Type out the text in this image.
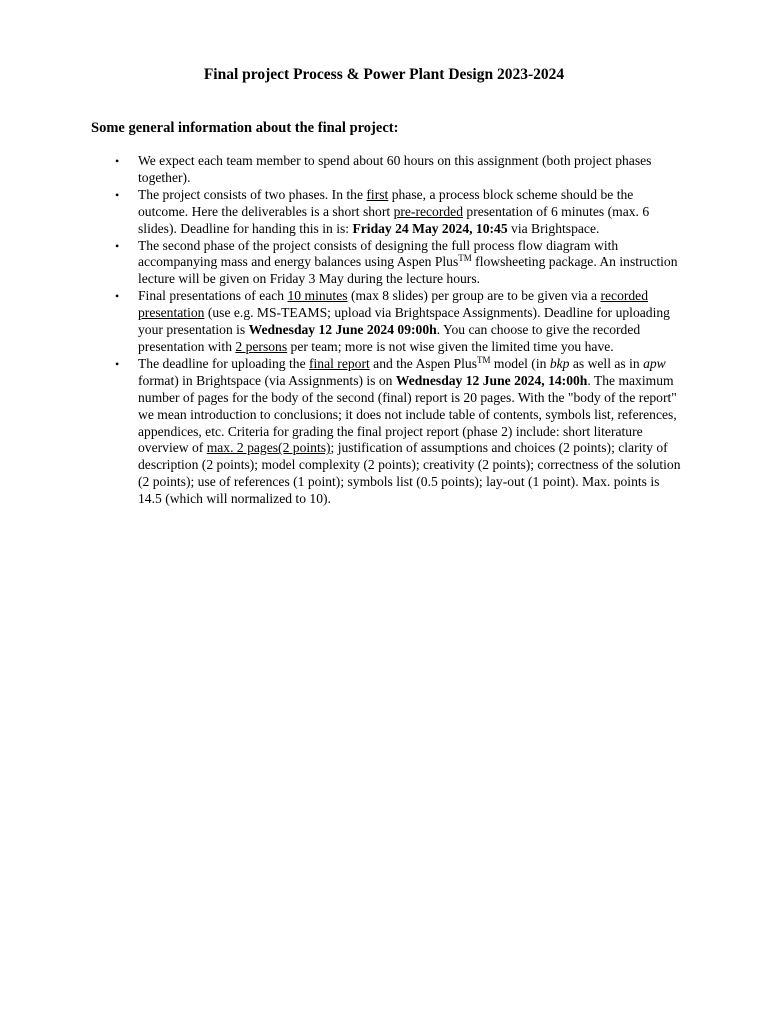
Final project Process & Power Plant Design 2023-2024
Some general information about the final project:
• We expect each team member to spend about 60 hours on this assignment (both project phases together).
• The project consists of two phases. In the first phase, a process block scheme should be the outcome. Here the deliverables is a short short pre-recorded presentation of 6 minutes (max. 6 slides). Deadline for handing this in is: Friday 24 May 2024, 10:45 via Brightspace.
• The second phase of the project consists of designing the full process flow diagram with accompanying mass and energy balances using Aspen Plus™ flowsheeting package. An instruction lecture will be given on Friday 3 May during the lecture hours.
• Final presentations of each 10 minutes (max 8 slides) per group are to be given via a recorded presentation (use e.g. MS-TEAMS; upload via Brightspace Assignments). Deadline for uploading your presentation is Wednesday 12 June 2024 09:00h. You can choose to give the recorded presentation with 2 persons per team; more is not wise given the limited time you have.
• The deadline for uploading the final report and the Aspen Plus™ model (in bkp as well as in apw format) in Brightspace (via Assignments) is on Wednesday 12 June 2024, 14:00h. The maximum number of pages for the body of the second (final) report is 20 pages. With the "body of the report" we mean introduction to conclusions; it does not include table of contents, symbols list, references, appendices, etc. Criteria for grading the final project report (phase 2) include: short literature overview of max. 2 pages(2 points); justification of assumptions and choices (2 points); clarity of description (2 points); model complexity (2 points); creativity (2 points); correctness of the solution (2 points); use of references (1 point); symbols list (0.5 points); lay-out (1 point). Max. points is 14.5 (which will normalized to 10).
